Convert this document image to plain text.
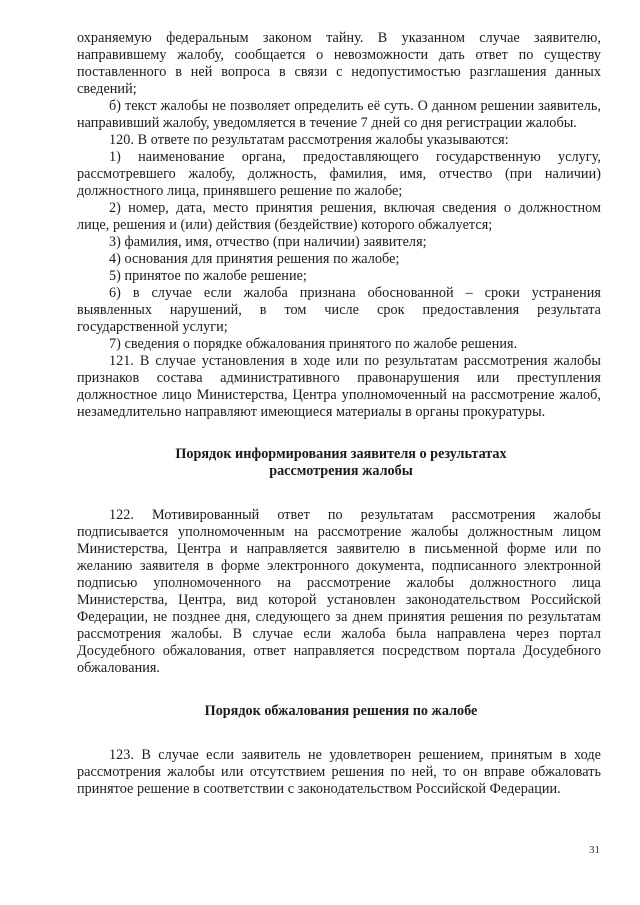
охраняемую федеральным законом тайну. В указанном случае заявителю, направившему жалобу, сообщается о невозможности дать ответ по существу поставленного в ней вопроса в связи с недопустимостью разглашения данных сведений;

б) текст жалобы не позволяет определить её суть. О данном решении заявитель, направивший жалобу, уведомляется в течение 7 дней со дня регистрации жалобы.

120. В ответе по результатам рассмотрения жалобы указываются:

1) наименование органа, предоставляющего государственную услугу, рассмотревшего жалобу, должность, фамилия, имя, отчество (при наличии) должностного лица, принявшего решение по жалобе;

2) номер, дата, место принятия решения, включая сведения о должностном лице, решения и (или) действия (бездействие) которого обжалуется;

3) фамилия, имя, отчество (при наличии) заявителя;

4) основания для принятия решения по жалобе;

5) принятое по жалобе решение;

6) в случае если жалоба признана обоснованной – сроки устранения выявленных нарушений, в том числе срок предоставления результата государственной услуги;

7) сведения о порядке обжалования принятого по жалобе решения.

121. В случае установления в ходе или по результатам рассмотрения жалобы признаков состава административного правонарушения или преступления должностное лицо Министерства, Центра уполномоченный на рассмотрение жалоб, незамедлительно направляют имеющиеся материалы в органы прокуратуры.

Порядок информирования заявителя о результатах
рассмотрения жалобы

122. Мотивированный ответ по результатам рассмотрения жалобы подписывается уполномоченным на рассмотрение жалобы должностным лицом Министерства, Центра и направляется заявителю в письменной форме или по желанию заявителя в форме электронного документа, подписанного электронной подписью уполномоченного на рассмотрение жалобы должностного лица Министерства, Центра, вид которой установлен законодательством Российской Федерации, не позднее дня, следующего за днем принятия решения по результатам рассмотрения жалобы. В случае если жалоба была направлена через портал Досудебного обжалования, ответ направляется посредством портала Досудебного обжалования.

Порядок обжалования решения по жалобе

123. В случае если заявитель не удовлетворен решением, принятым в ходе рассмотрения жалобы или отсутствием решения по ней, то он вправе обжаловать принятое решение в соответствии с законодательством Российской Федерации.

31
